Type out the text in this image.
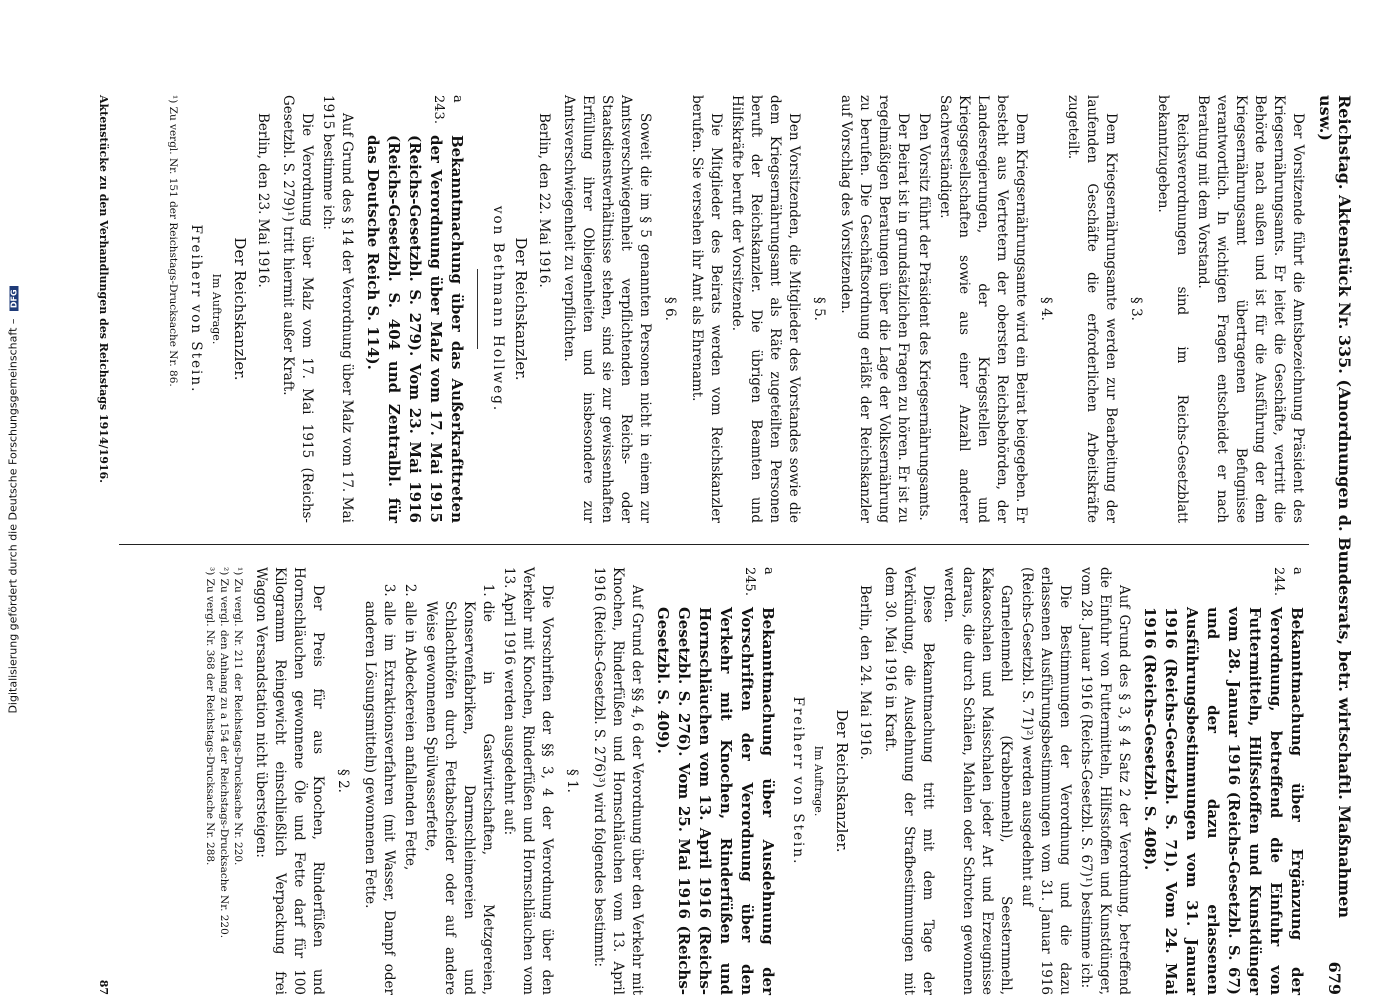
Digitalisierung gefördert durch die Deutsche Forschungsgemeinschaft – DFG	Reichstag. Aktenstück Nr. 335. (Anordnungen d. Bundesrats, betr. wirtschaftl. Maßnahmen usw.)
679

Der Vorsitzende führt die Amtsbezeichnung Präsident des Kriegsernährungsamts. Er leitet die Geschäfte, vertritt die Behörde nach außen und ist für die Ausführung der dem Kriegsernährungsamt übertragenen Befugnisse verantwortlich. In wichtigen Fragen entscheidet er nach Beratung mit dem Vorstand.

Reichsverordnungen sind im Reichs-Gesetzblatt bekanntzugeben.

§ 3.

Dem Kriegsernährungsamte werden zur Bearbeitung der laufenden Geschäfte die erforderlichen Arbeitskräfte zugeteilt.

§ 4.

Dem Kriegsernährungsamte wird ein Beirat beigegeben. Er besteht aus Vertretern der obersten Reichsbehörden, der Landesregierungen, der Kriegsstellen und Kriegsgesellschaften sowie aus einer Anzahl anderer Sachverständiger.

Den Vorsitz führt der Präsident des Kriegsernährungsamts.

Der Beirat ist in grundsätzlichen Fragen zu hören. Er ist zu regelmäßigen Beratungen über die Lage der Volksernährung zu berufen. Die Geschäftsordnung erläßt der Reichskanzler auf Vorschlag des Vorsitzenden.

§ 5.

Den Vorsitzenden, die Mitglieder des Vorstandes sowie die dem Kriegsernährungsamt als Räte zugeteilten Personen beruft der Reichskanzler. Die übrigen Beamten und Hilfskräfte beruft der Vorsitzende.

Die Mitglieder des Beirats werden vom Reichskanzler berufen. Sie versehen ihr Amt als Ehrenamt.

§ 6.

Soweit die im § 5 genannten Personen nicht in einem zur Amtsverschwiegenheit verpflichtenden Reichs- oder Staatsdienstverhältnisse stehen, sind sie zur gewissenhaften Erfüllung ihrer Obliegenheiten und insbesondere zur Amtsverschwiegenheit zu verpflichten.

Berlin, den 22. Mai 1916.

Der Reichskanzler.

von Bethmann Hollweg.

a 243.
Bekanntmachung über das Außerkrafttreten der Verordnung über Malz vom 17. Mai 1915 (Reichs-Gesetzbl. S. 279). Vom 23. Mai 1916 (Reichs-Gesetzbl. S. 404 und Zentralbl. für das Deutsche Reich S. 114).

Auf Grund des § 14 der Verordnung über Malz vom 17. Mai 1915 bestimme ich:

Die Verordnung über Malz vom 17. Mai 1915 (Reichs-Gesetzbl. S. 279)¹) tritt hiermit außer Kraft.

Berlin, den 23. Mai 1916.

Der Reichskanzler.

Im Auftrage.

Freiherr von Stein.

¹) Zu vergl. Nr. 151 der Reichstags-Drucksache Nr. 86.

a 244.
Bekanntmachung über Ergänzung der Verordnung, betreffend die Einfuhr von Futtermitteln, Hilfsstoffen und Kunstdünger vom 28. Januar 1916 (Reichs-Gesetzbl. S. 67) und der dazu erlassenen Ausführungsbestimmungen vom 31. Januar 1916 (Reichs-Gesetzbl. S. 71). Vom 24. Mai 1916 (Reichs-Gesetzbl. S. 408).

Auf Grund des § 3, § 4 Satz 2 der Verordnung, betreffend die Einfuhr von Futtermitteln, Hilfsstoffen und Kunstdünger, vom 28. Januar 1916 (Reichs-Gesetzbl. S. 67)¹) bestimme ich:

Die Bestimmungen der Verordnung und die dazu erlassenen Ausführungsbestimmungen vom 31. Januar 1916 (Reichs-Gesetzbl. S. 71)²) werden ausgedehnt auf

Garnelenmehl (Krabbenmehl), Seesternmehl, Kakaoschalen und Maisschalen jeder Art und Erzeugnisse daraus, die durch Schälen, Mahlen oder Schroten gewonnen werden.

Diese Bekanntmachung tritt mit dem Tage der Verkündung, die Ausdehnung der Strafbestimmungen mit dem 30. Mai 1916 in Kraft.

Berlin, den 24. Mai 1916.

Der Reichskanzler.

Im Auftrage.

Freiherr von Stein.

a 245.
Bekanntmachung über Ausdehnung der Vorschriften der Verordnung über den Verkehr mit Knochen, Rinderfüßen und Hornschläuchen vom 13. April 1916 (Reichs-Gesetzbl. S. 276). Vom 25. Mai 1916 (Reichs-Gesetzbl. S. 409).

Auf Grund der §§ 4, 6 der Verordnung über den Verkehr mit Knochen, Rinderfüßen und Hornschläuchen vom 13. April 1916 (Reichs-Gesetzbl. S. 276)³) wird folgendes bestimmt:

§ 1.

Die Vorschriften der §§ 3, 4 der Verordnung über den Verkehr mit Knochen, Rinderfüßen und Hornschläuchen vom 13. April 1916 werden ausgedehnt auf:

1. die in Gastwirtschaften, Metzgereien, Konservenfabriken, Darmschleimereien und Schlachthöfen durch Fettabscheider oder auf andere Weise gewonnenen Spülwasserfette,
2. alle in Abdeckereien anfallenden Fette,
3. alle im Extraktionsverfahren (mit Wasser, Dampf oder anderen Lösungsmitteln) gewonnenen Fette.

§ 2.

Der Preis für aus Knochen, Rinderfüßen und Hornschläuchen gewonnene Öle und Fette darf für 100 Kilogramm Reingewicht einschließlich Verpackung frei Waggon Versandstation nicht übersteigen:

¹) Zu vergl. Nr. 211 der Reichstags-Drucksache Nr. 220.

²) Zu vergl. den Anhang zu a 154 der Reichstags-Drucksache Nr. 220.

³) Zu vergl. Nr. 368 der Reichstags-Drucksache Nr. 288.

Aktenstücke zu den Verhandlungen des Reichstags 1914/1916.
87
